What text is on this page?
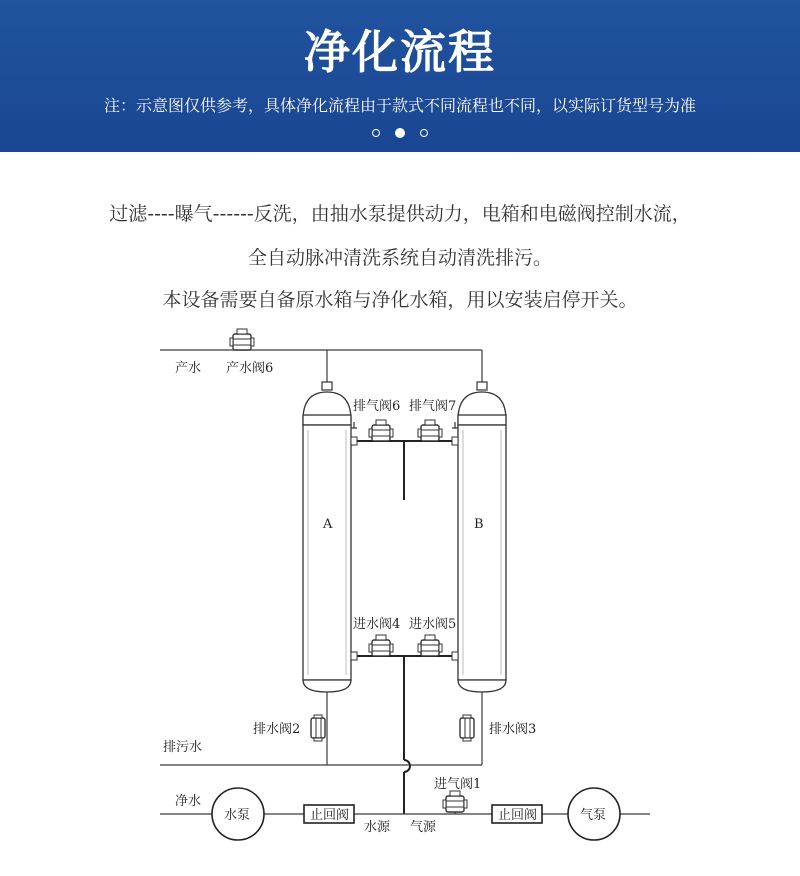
净化流程
注：示意图仅供参考，具体净化流程由于款式不同流程也不同，以实际订货型号为准

过滤----曝气------反洗，由抽水泵提供动力，电箱和电磁阀控制水流，
全自动脉冲清洗系统自动清洗排污。
本设备需要自备原水箱与净化水箱，用以安装启停开关。
产水 产水阀6
A	B
排气阀6 排气阀7
进水阀4 进水阀5
排水阀2	排水阀3
排污水
净水
水泵	止回阀	止回阀	气泵
进气阀1
水源 气源
